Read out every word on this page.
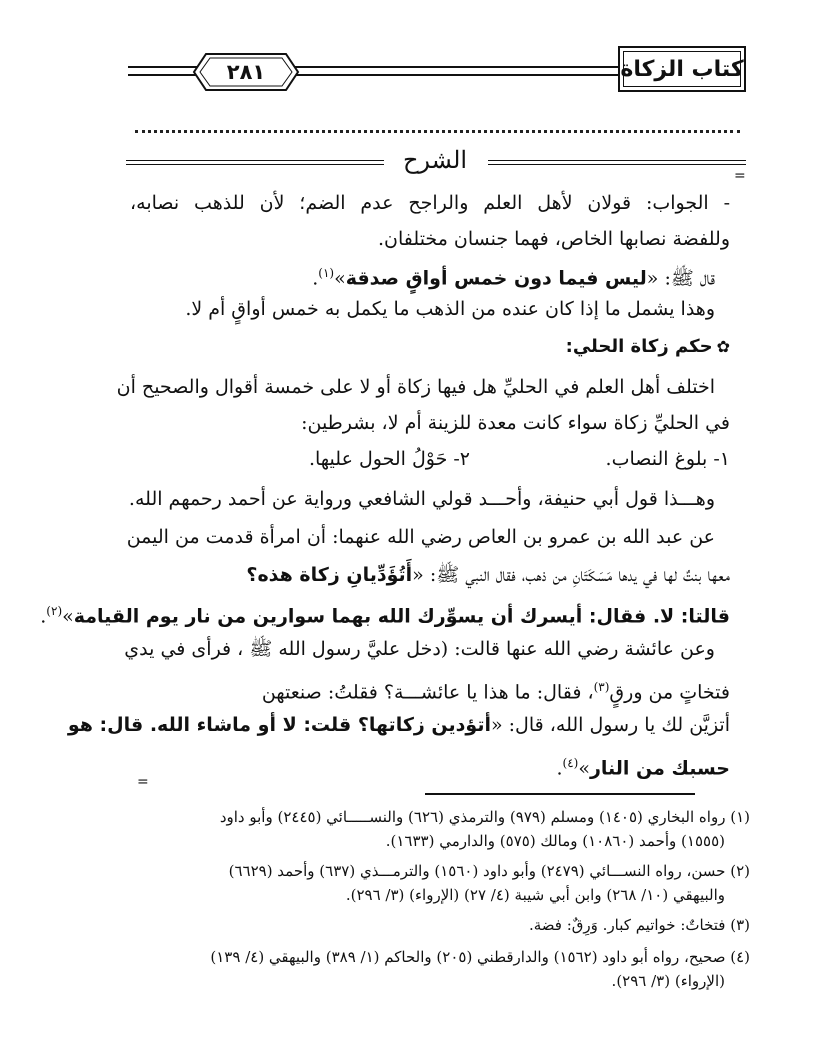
٢٨١	كتاب الزكاة
الشرح
=
- الجواب: قولان لأهل العلم والراجح عدم الضم؛ لأن للذهب نصابه،
وللفضة نصابها الخاص، فهما جنسان مختلفان.
قال ﷺ: «ليس فيما دون خمس أواقٍ صدقة»$^{(١)}$.
وهذا يشمل ما إذا كان عنده من الذهب ما يكمل به خمس أواقٍ أم لا.
✿حكم زكاة الحلي:
اختلف أهل العلم في الحليِّ هل فيها زكاة أو لا على خمسة أقوال والصحيح أن
في الحليِّ زكاة سواء كانت معدة للزينة أم لا، بشرطين:
١- بلوغ النصاب.
٢- حَوْلُ الحول عليها.
وهـــذا قول أبي حنيفة، وأحـــد قولي الشافعي ورواية عن أحمد رحمهم الله.
عن عبد الله بن عمرو بن العاص رضي الله عنهما: أن امرأة قدمت من اليمن
معها بنتٌ لها في يدها مَسَكَتَانِ من ذهب، فقال النبي ﷺ: «أَتُؤَدِّيانِ زكاة هذه؟
قالتا: لا. فقال: أيسرك أن يسوِّرك الله بهما سوارين من نار يوم القيامة»$^{(٢)}$.
وعن عائشة رضي الله عنها قالت: (دخل عليَّ رسول الله ﷺ ، فرأى في يدي
فتخاتٍ من ورقٍ$^{(٣)}$، فقال: ما هذا يا عائشـــة؟ فقلتُ: صنعتهن
أتزيَّن لك يا رسول الله، قال: «أتؤدين زكاتها؟ قلت: لا أو ماشاء الله. قال: هو
حسبك من النار»$^{(٤)}$.
=
(١) رواه البخاري (١٤٠٥) ومسلم (٩٧٩) والترمذي (٦٢٦) والنســـــائي (٢٤٤٥) وأبو داود
(١٥٥٥) وأحمد (١٠٨٦٠) ومالك (٥٧٥) والدارمي (١٦٣٣).
(٢) حسن، رواه النســـائي (٢٤٧٩) وأبو داود (١٥٦٠) والترمـــذي (٦٣٧) وأحمد (٦٦٢٩)
والبيهقي (١٠/ ٢٦٨) وابن أبي شيبة (٤/ ٢٧) (الإرواء) (٣/ ٢٩٦).
(٣) فتخاتٌ: خواتيم كبار. وَرِقٌ: فضة.
(٤) صحيح، رواه أبو داود (١٥٦٢) والدارقطني (٢٠٥) والحاكم (١/ ٣٨٩) والبيهقي (٤/ ١٣٩)
(الإرواء) (٣/ ٢٩٦).
